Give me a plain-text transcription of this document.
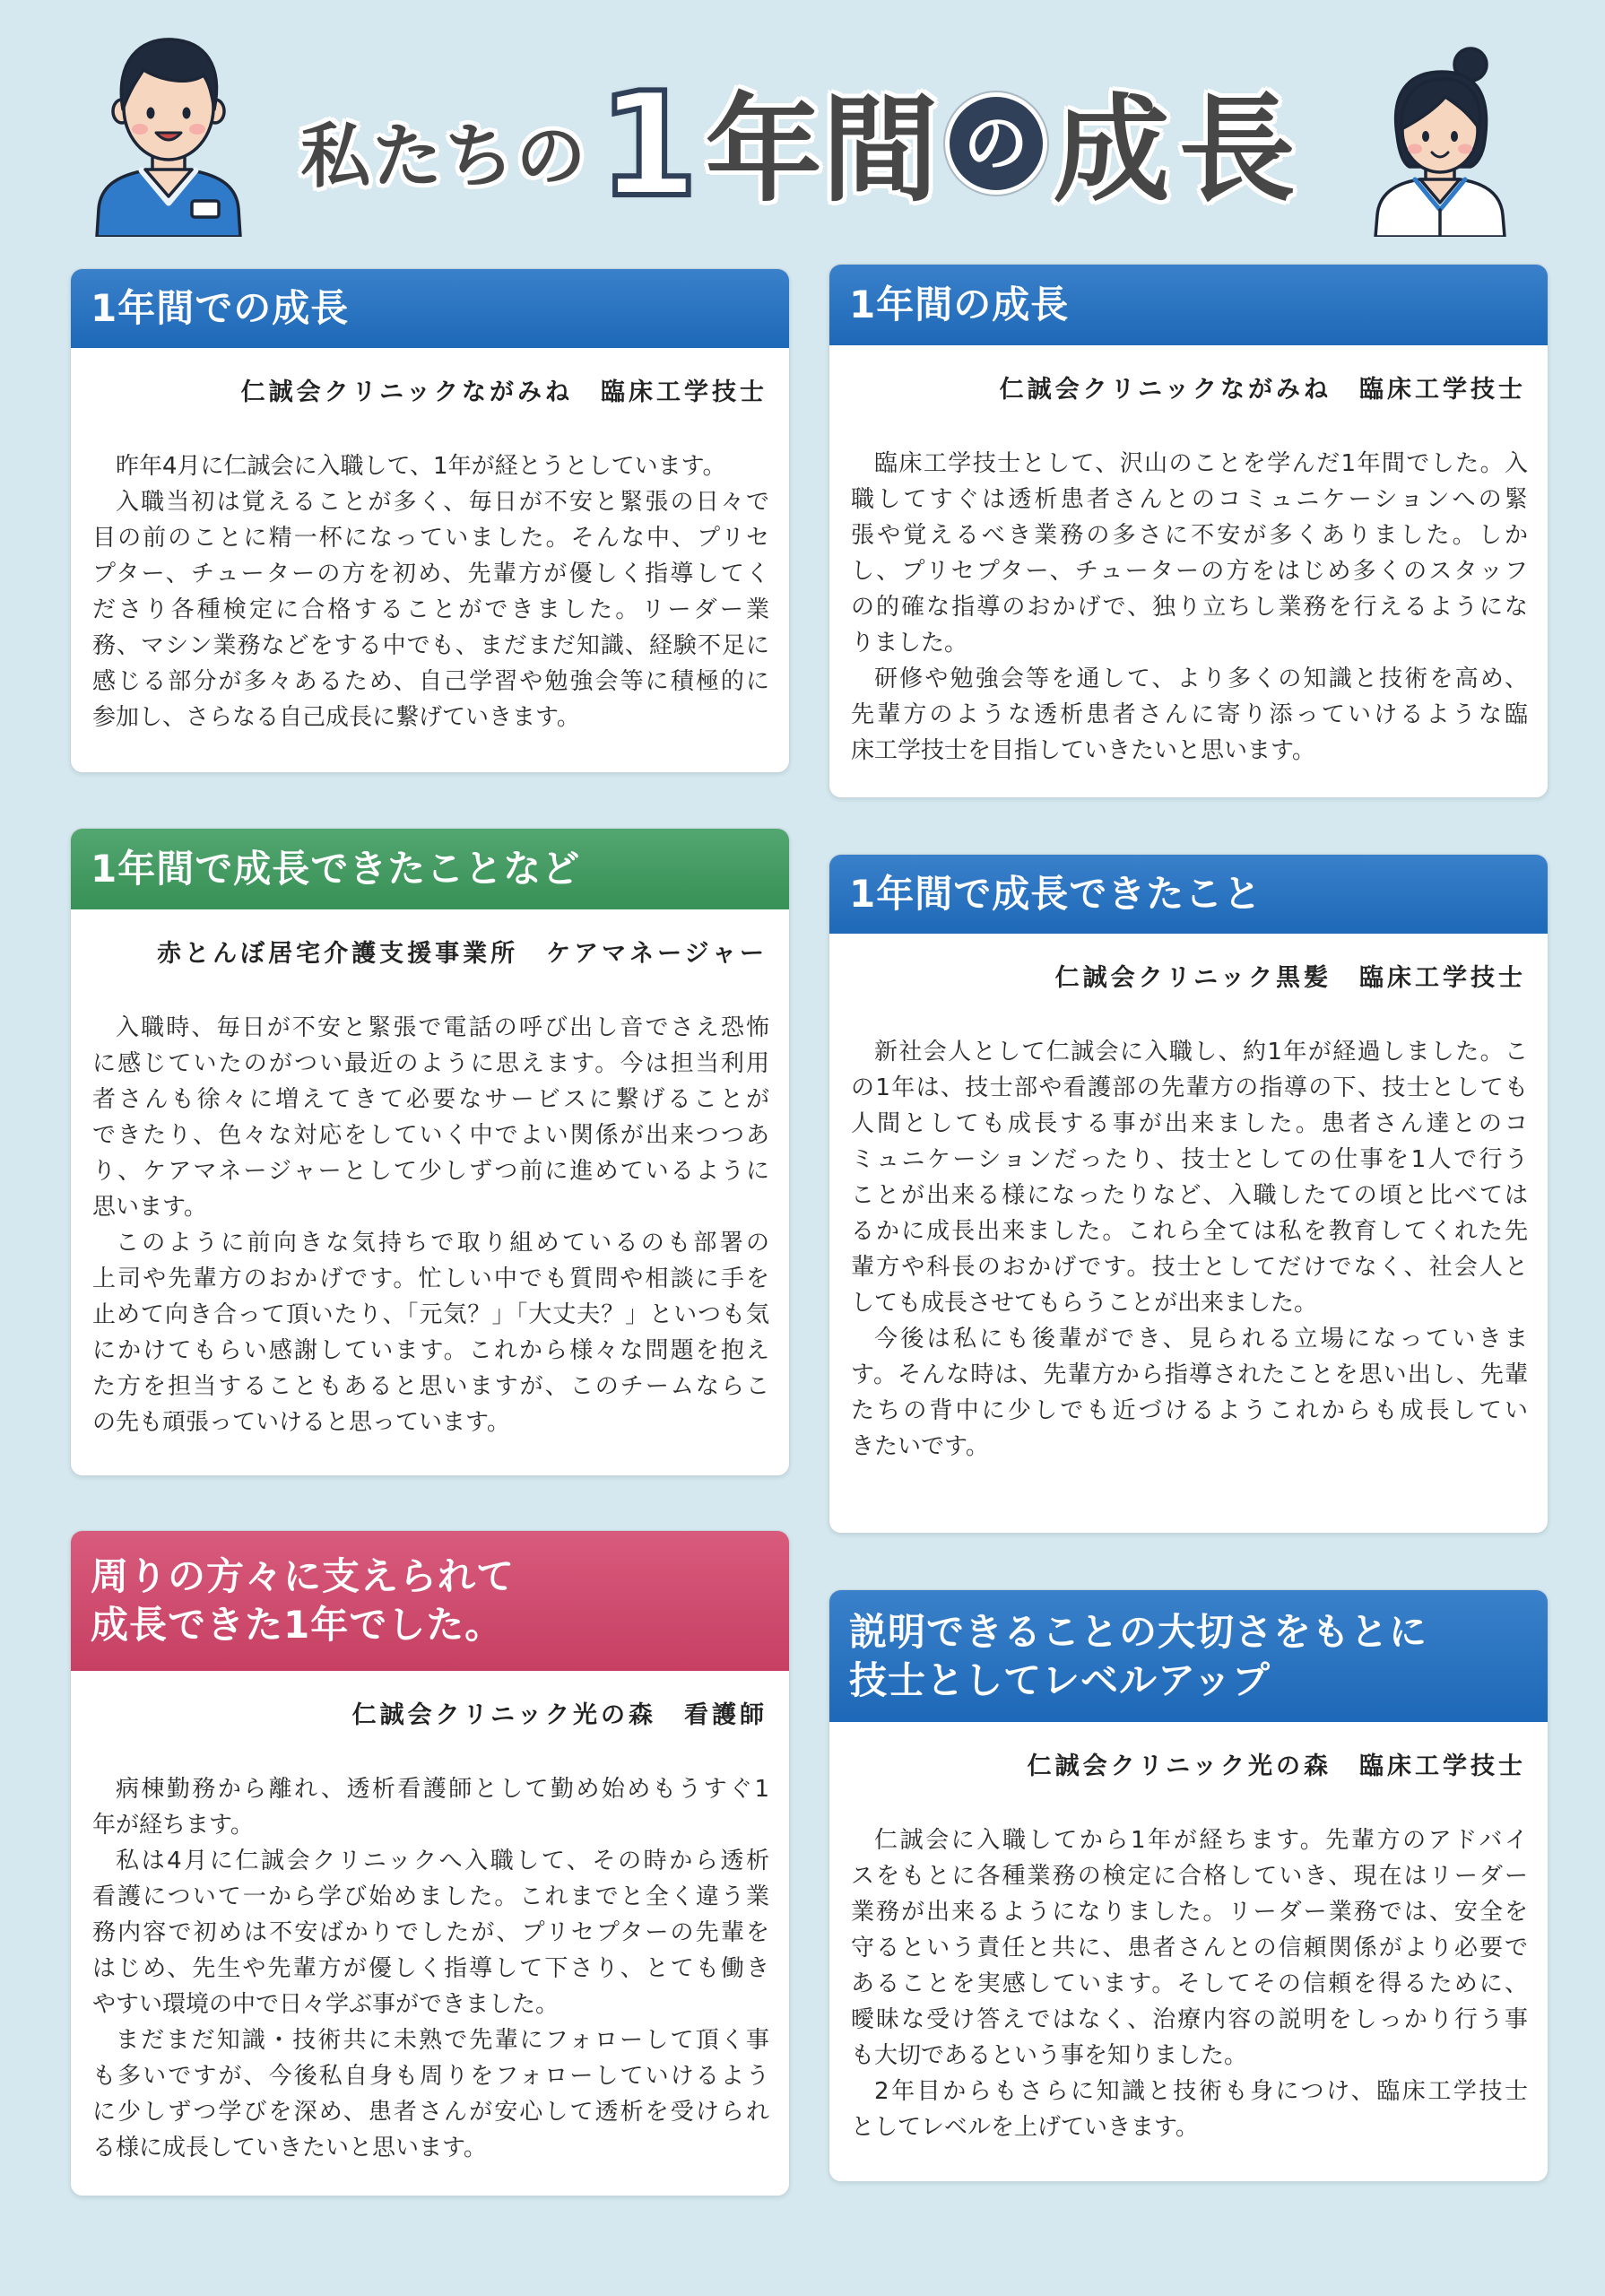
私たちの 1 年間 の 成長
1年間での成長
仁誠会クリニックながみね　臨床工学技士
昨年4月に仁誠会に入職して、1年が経とうとしています。
入職当初は覚えることが多く、毎日が不安と緊張の日々で
目の前のことに精一杯になっていました。そんな中、プリセ
プター、チューターの方を初め、先輩方が優しく指導してく
ださり各種検定に合格することができました。リーダー業
務、マシン業務などをする中でも、まだまだ知識、経験不足に
感じる部分が多々あるため、自己学習や勉強会等に積極的に
参加し、さらなる自己成長に繋げていきます。
1年間の成長
仁誠会クリニックながみね　臨床工学技士
臨床工学技士として、沢山のことを学んだ1年間でした。入
職してすぐは透析患者さんとのコミュニケーションへの緊
張や覚えるべき業務の多さに不安が多くありました。しか
し、プリセプター、チューターの方をはじめ多くのスタッフ
の的確な指導のおかげで、独り立ちし業務を行えるようにな
りました。
研修や勉強会等を通して、より多くの知識と技術を高め、
先輩方のような透析患者さんに寄り添っていけるような臨
床工学技士を目指していきたいと思います。
1年間で成長できたことなど
赤とんぼ居宅介護支援事業所　ケアマネージャー
入職時、毎日が不安と緊張で電話の呼び出し音でさえ恐怖
に感じていたのがつい最近のように思えます。今は担当利用
者さんも徐々に増えてきて必要なサービスに繋げることが
できたり、色々な対応をしていく中でよい関係が出来つつあ
り、ケアマネージャーとして少しずつ前に進めているように
思います。
このように前向きな気持ちで取り組めているのも部署の
上司や先輩方のおかげです。忙しい中でも質問や相談に手を
止めて向き合って頂いたり、「元気？」「大丈夫？」といつも気
にかけてもらい感謝しています。これから様々な問題を抱え
た方を担当することもあると思いますが、このチームならこ
の先も頑張っていけると思っています。
1年間で成長できたこと
仁誠会クリニック黒髪　臨床工学技士
新社会人として仁誠会に入職し、約1年が経過しました。こ
の1年は、技士部や看護部の先輩方の指導の下、技士としても
人間としても成長する事が出来ました。患者さん達とのコ
ミュニケーションだったり、技士としての仕事を1人で行う
ことが出来る様になったりなど、入職したての頃と比べては
るかに成長出来ました。これら全ては私を教育してくれた先
輩方や科長のおかげです。技士としてだけでなく、社会人と
しても成長させてもらうことが出来ました。
今後は私にも後輩ができ、見られる立場になっていきま
す。そんな時は、先輩方から指導されたことを思い出し、先輩
たちの背中に少しでも近づけるようこれからも成長してい
きたいです。
周りの方々に支えられて
成長できた1年でした。
仁誠会クリニック光の森　看護師
病棟勤務から離れ、透析看護師として勤め始めもうすぐ1
年が経ちます。
私は4月に仁誠会クリニックへ入職して、その時から透析
看護について一から学び始めました。これまでと全く違う業
務内容で初めは不安ばかりでしたが、プリセプターの先輩を
はじめ、先生や先輩方が優しく指導して下さり、とても働き
やすい環境の中で日々学ぶ事ができました。
まだまだ知識・技術共に未熟で先輩にフォローして頂く事
も多いですが、今後私自身も周りをフォローしていけるよう
に少しずつ学びを深め、患者さんが安心して透析を受けられ
る様に成長していきたいと思います。
説明できることの大切さをもとに
技士としてレベルアップ
仁誠会クリニック光の森　臨床工学技士
仁誠会に入職してから1年が経ちます。先輩方のアドバイ
スをもとに各種業務の検定に合格していき、現在はリーダー
業務が出来るようになりました。リーダー業務では、安全を
守るという責任と共に、患者さんとの信頼関係がより必要で
あることを実感しています。そしてその信頼を得るために、
曖昧な受け答えではなく、治療内容の説明をしっかり行う事
も大切であるという事を知りました。
2年目からもさらに知識と技術も身につけ、臨床工学技士
としてレベルを上げていきます。
